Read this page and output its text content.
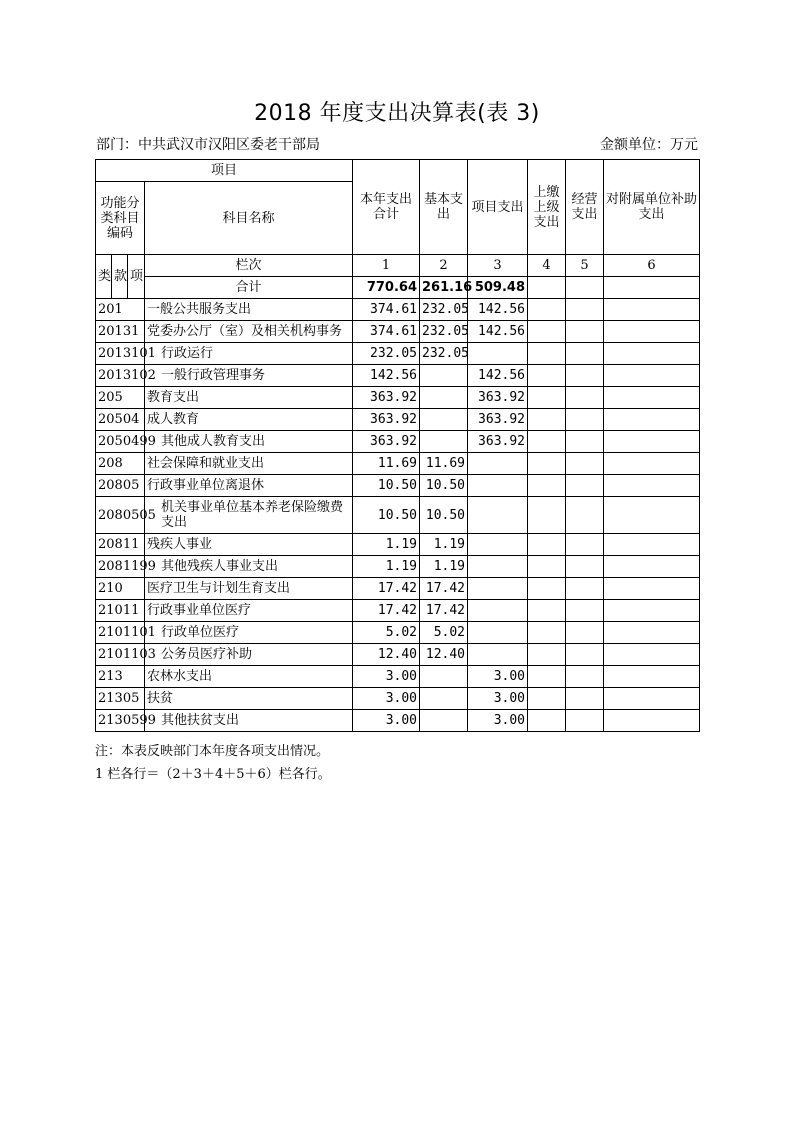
2018 年度支出决算表(表 3)
部门：中共武汉市汉阳区委老干部局	金额单位：万元
项目				本年支出合计	基本支出	项目支出	上缴上级支出	经营支出	对附属单位补助支出
功能分类科目编码			科目名称						

类	款	项	栏次	1	2	3	4	5	6
			合计	770.64	261.16	509.48			
201			一般公共服务支出	374.61	232.05	142.56			
20131			党委办公厅（室）及相关机构事务	374.61	232.05	142.56			
2013101			行政运行	232.05	232.05				
2013102			一般行政管理事务	142.56		142.56			
205			教育支出	363.92		363.92			
20504			成人教育	363.92		363.92			
2050499			其他成人教育支出	363.92		363.92			
208			社会保障和就业支出	11.69	11.69				
20805			行政事业单位离退休	10.50	10.50				
2080505			机关事业单位基本养老保险缴费支出	10.50	10.50				
20811			残疾人事业	1.19	1.19				
2081199			其他残疾人事业支出	1.19	1.19				
210			医疗卫生与计划生育支出	17.42	17.42				
21011			行政事业单位医疗	17.42	17.42				
2101101			行政单位医疗	5.02	5.02				
2101103			公务员医疗补助	12.40	12.40				
213			农林水支出	3.00		3.00			
21305			扶贫	3.00		3.00			
2130599			其他扶贫支出	3.00		3.00			
注：本表反映部门本年度各项支出情况。
1 栏各行＝（2＋3＋4＋5＋6）栏各行。
